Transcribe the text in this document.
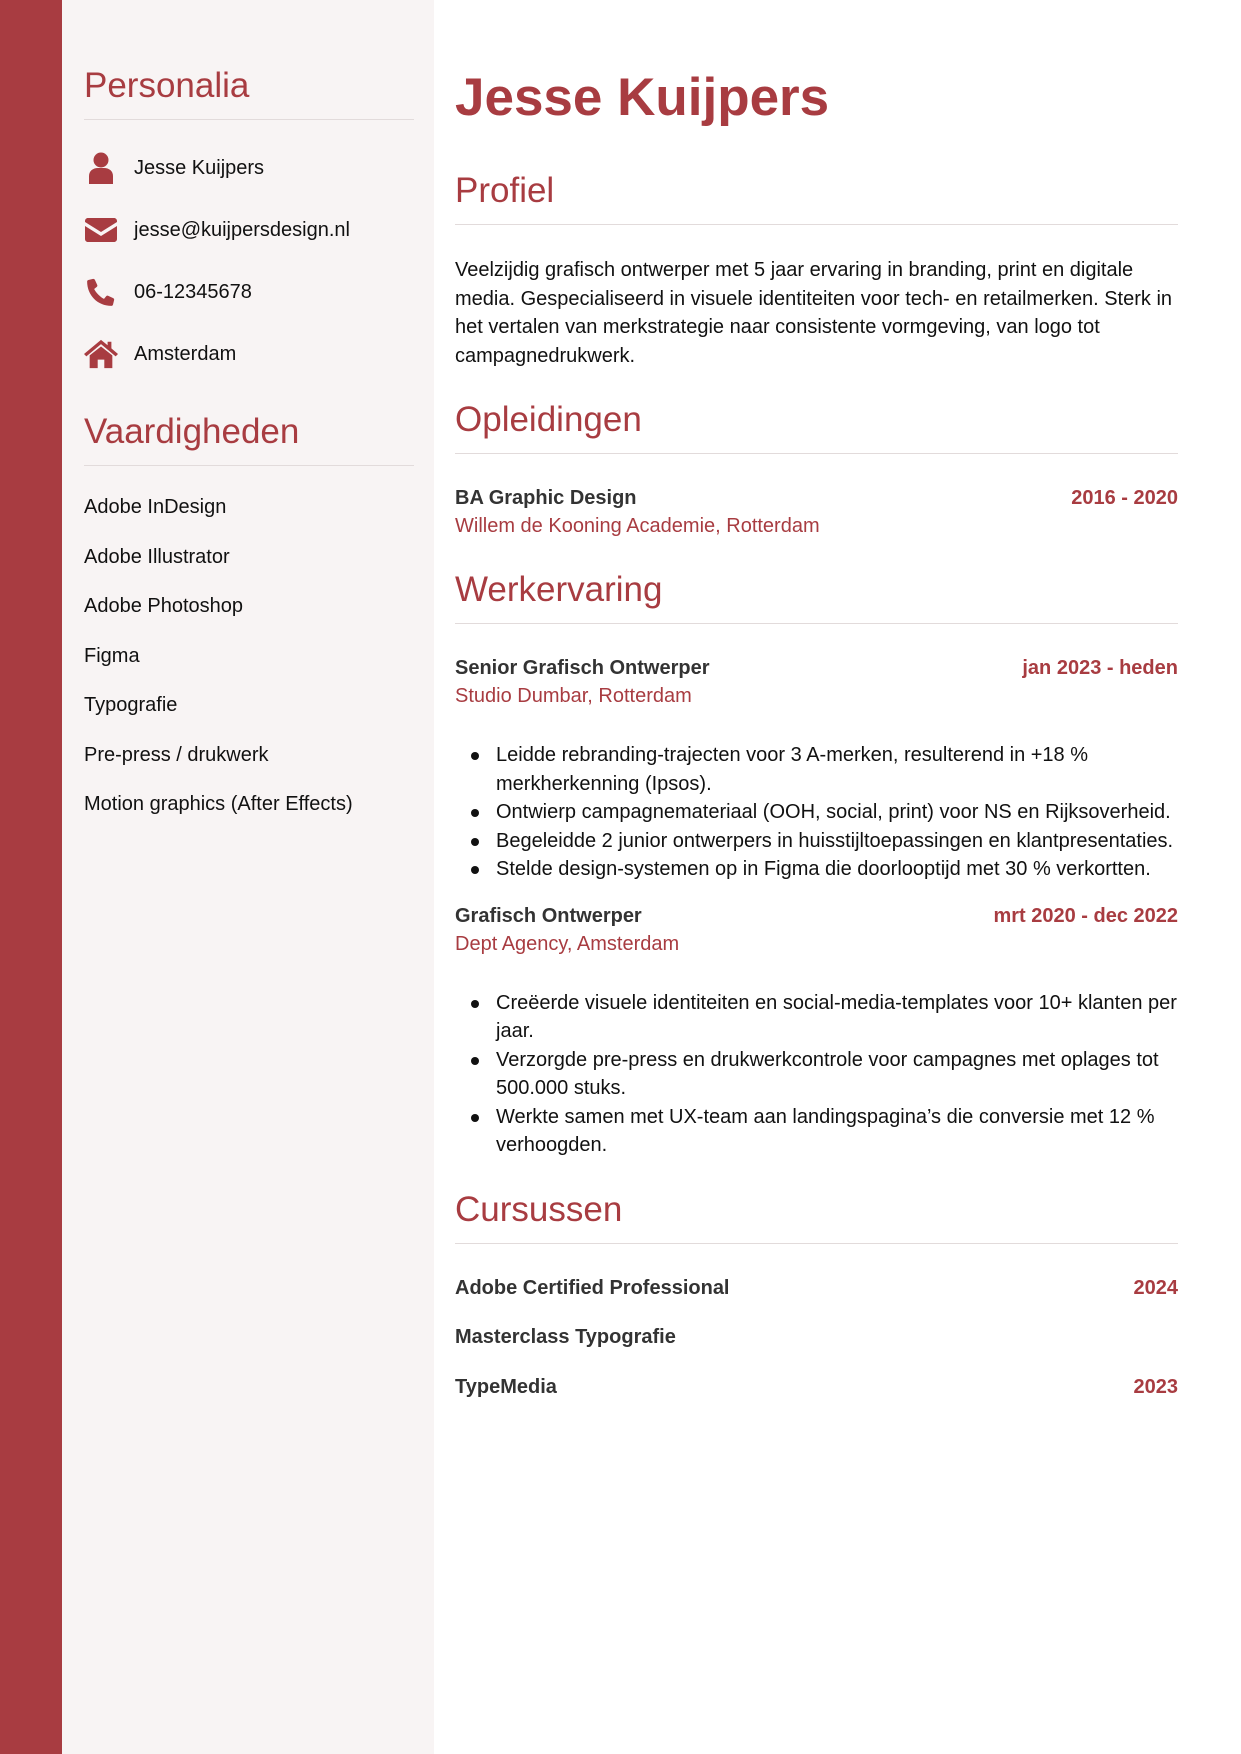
Personalia
Jesse Kuijpers
jesse@kuijpersdesign.nl
06-12345678
Amsterdam
Vaardigheden
Adobe InDesign
Adobe Illustrator
Adobe Photoshop
Figma
Typografie
Pre-press / drukwerk
Motion graphics (After Effects)
Jesse Kuijpers
Profiel

Veelzijdig grafisch ontwerper met 5 jaar ervaring in branding, print en digitale media. Gespecialiseerd in visuele identiteiten voor tech- en retailmerken. Sterk in het vertalen van merkstrategie naar consistente vormgeving, van logo tot campagnedrukwerk.

Opleidingen
BA Graphic Design	2016 - 2020
Willem de Kooning Academie, Rotterdam
Werkervaring
Senior Grafisch Ontwerper	jan 2023 - heden
Studio Dumbar, Rotterdam
Leidde rebranding-trajecten voor 3 A-merken, resulterend in +18 % merkherkenning (Ipsos).
Ontwierp campagnemateriaal (OOH, social, print) voor NS en Rijksoverheid.
Begeleidde 2 junior ontwerpers in huisstijltoepassingen en klantpresentaties.
Stelde design-systemen op in Figma die doorlooptijd met 30 % verkortten.
Grafisch Ontwerper	mrt 2020 - dec 2022
Dept Agency, Amsterdam
Creëerde visuele identiteiten en social-media-templates voor 10+ klanten per jaar.
Verzorgde pre-press en drukwerkcontrole voor campagnes met oplages tot 500.000 stuks.
Werkte samen met UX-team aan landingspagina’s die conversie met 12 % verhoogden.
Cursussen
Adobe Certified Professional	2024
Masterclass Typografie
TypeMedia	2023
